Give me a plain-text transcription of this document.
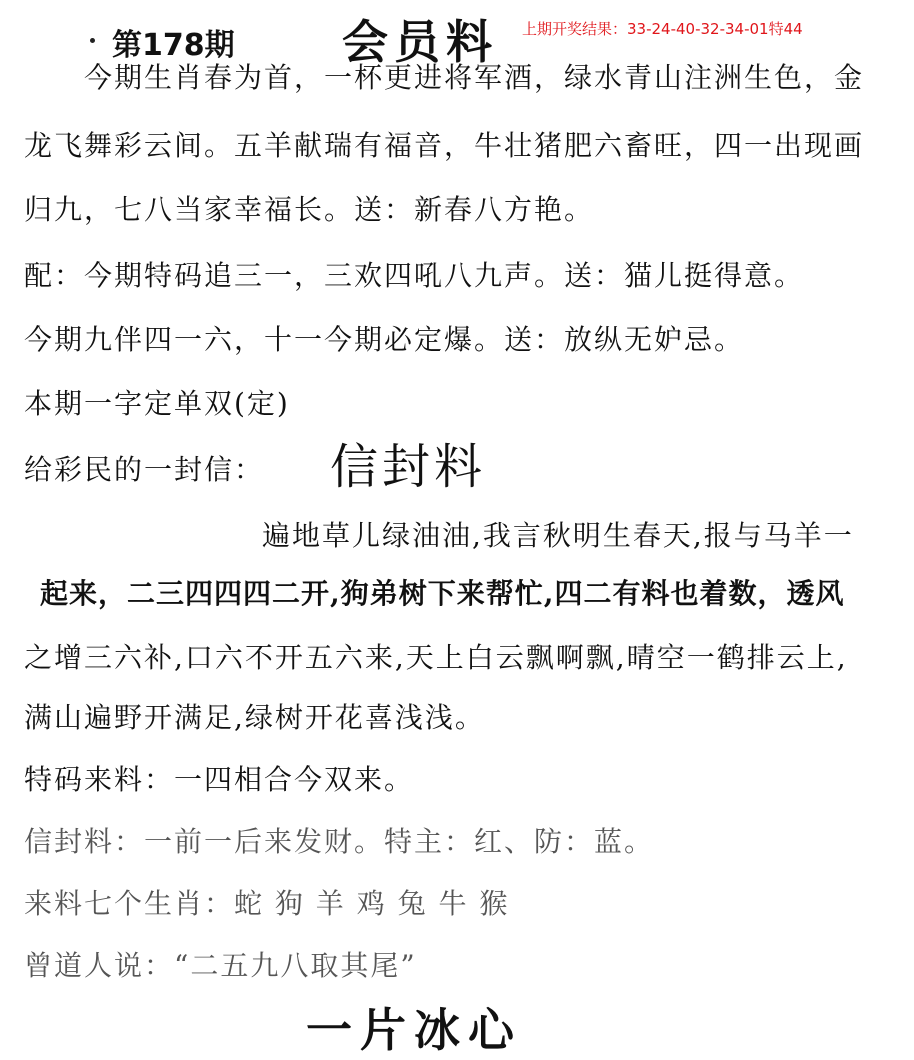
第178期 会员料 上期开奖结果：33-24-40-32-34-01特44
今期生肖春为首，一杯更进将军酒，绿水青山注洲生色，金
龙飞舞彩云间。五羊献瑞有福音，牛壮猪肥六畜旺，四一出现画
归九，七八当家幸福长。送：新春八方艳。
配：今期特码追三一，三欢四吼八九声。送：猫儿挺得意。
今期九伴四一六，十一今期必定爆。送：放纵无妒忌。
本期一字定单双(定)
给彩民的一封信： 信封料
遍地草儿绿油油,我言秋明生春天,报与马羊一
起来，二三四四四二开,狗弟树下来帮忙,四二有料也着数，透风
之增三六补,口六不开五六来,天上白云飘啊飘,晴空一鹤排云上,
满山遍野开满足,绿树开花喜浅浅。
特码来料：一四相合今双来。
信封料：一前一后来发财。特主：红、防：蓝。
来料七个生肖：蛇 狗 羊 鸡 兔 牛 猴
曾道人说：“二五九八取其尾”
一片冰心
